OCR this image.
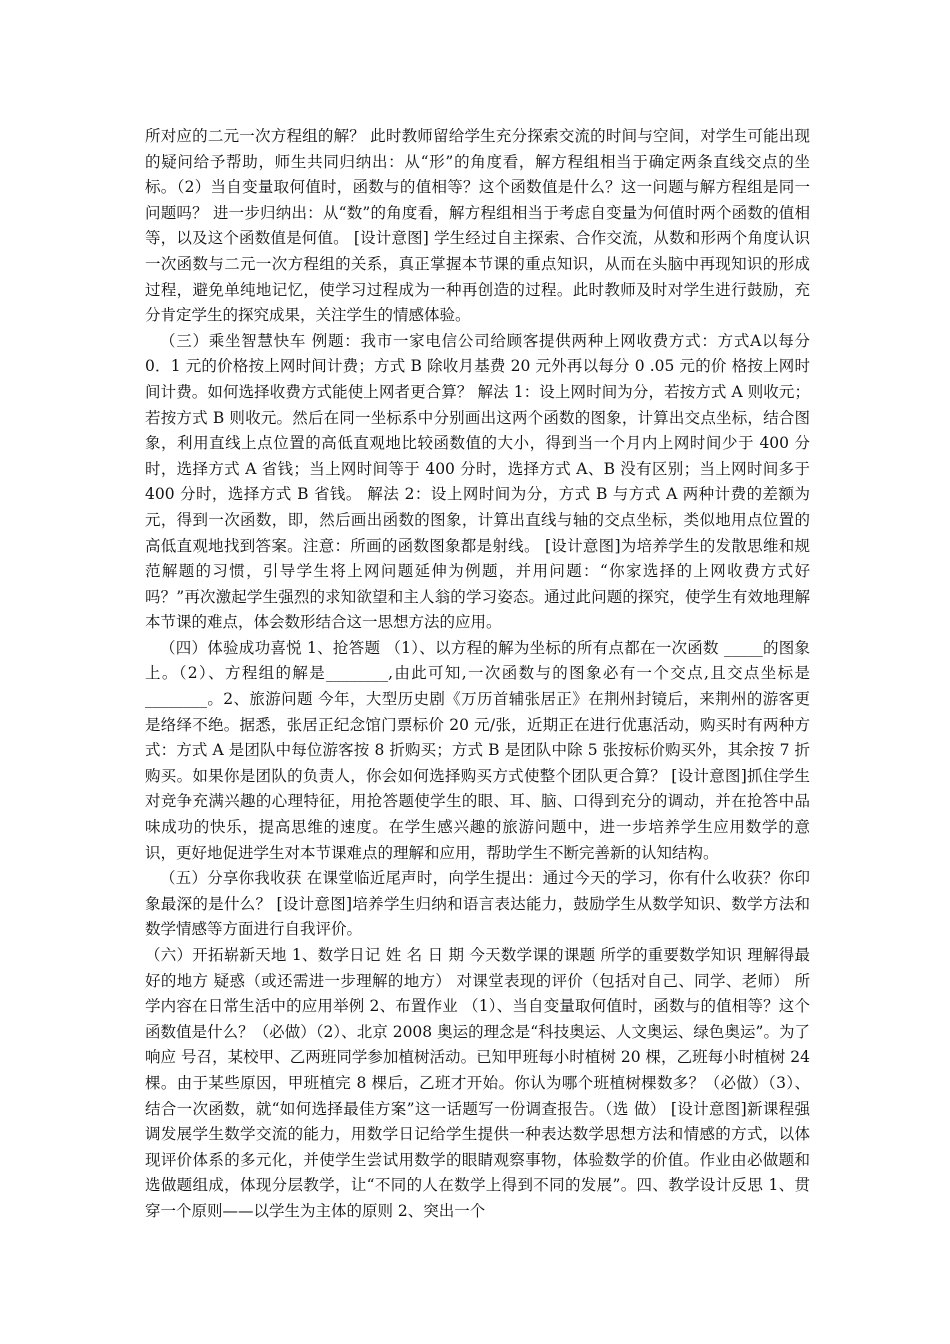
所对应的二元一次方程组的解？ 此时教师留给学生充分探索交流的时间与空间，对学生可能出现的疑问给予帮助，师生共同归纳出：从“形”的角度看，解方程组相当于确定两条直线交点的坐标。（2）当自变量取何值时，函数与的值相等？这个函数值是什么？这一问题与解方程组是同一问题吗？ 进一步归纳出：从“数”的角度看，解方程组相当于考虑自变量为何值时两个函数的值相等，以及这个函数值是何值。 [设计意图] 学生经过自主探索、合作交流，从数和形两个角度认识一次函数与二元一次方程组的关系，真正掌握本节课的重点知识，从而在头脑中再现知识的形成过程，避免单纯地记忆，使学习过程成为一种再创造的过程。此时教师及时对学生进行鼓励，充分肯定学生的探究成果，关注学生的情感体验。

（三）乘坐智慧快车 例题：我市一家电信公司给顾客提供两种上网收费方式：方式A以每分 0．1 元的价格按上网时间计费；方式 B 除收月基费 20 元外再以每分 0 .05 元的价 格按上网时间计费。如何选择收费方式能使上网者更合算？ 解法 1：设上网时间为分，若按方式 A 则收元；若按方式 B 则收元。然后在同一坐标系中分别画出这两个函数的图象，计算出交点坐标，结合图象，利用直线上点位置的高低直观地比较函数值的大小，得到当一个月内上网时间少于 400 分时，选择方式 A 省钱；当上网时间等于 400 分时，选择方式 A、B 没有区别；当上网时间多于 400 分时，选择方式 B 省钱。 解法 2：设上网时间为分，方式 B 与方式 A 两种计费的差额为元，得到一次函数，即，然后画出函数的图象，计算出直线与轴的交点坐标，类似地用点位置的高低直观地找到答案。注意：所画的函数图象都是射线。 [设计意图]为培养学生的发散思维和规范解题的习惯，引导学生将上网问题延伸为例题，并用问题：“你家选择的上网收费方式好吗？”再次激起学生强烈的求知欲望和主人翁的学习姿态。通过此问题的探究，使学生有效地理解本节课的难点，体会数形结合这一思想方法的应用。

（四）体验成功喜悦 1、抢答题 （1）、以方程的解为坐标的所有点都在一次函数 _____的图象上。（2）、方程组的解是________,由此可知,一次函数与的图象必有一个交点,且交点坐标是________。2、旅游问题 今年，大型历史剧《万历首辅张居正》在荆州封镜后，来荆州的游客更是络绎不绝。据悉，张居正纪念馆门票标价 20 元/张，近期正在进行优惠活动，购买时有两种方式：方式 A 是团队中每位游客按 8 折购买；方式 B 是团队中除 5 张按标价购买外，其余按 7 折购买。如果你是团队的负责人，你会如何选择购买方式使整个团队更合算？ [设计意图]抓住学生对竞争充满兴趣的心理特征，用抢答题使学生的眼、耳、脑、口得到充分的调动，并在抢答中品味成功的快乐，提高思维的速度。在学生感兴趣的旅游问题中，进一步培养学生应用数学的意识，更好地促进学生对本节课难点的理解和应用，帮助学生不断完善新的认知结构。

（五）分享你我收获 在课堂临近尾声时，向学生提出：通过今天的学习，你有什么收获？你印象最深的是什么？ [设计意图]培养学生归纳和语言表达能力，鼓励学生从数学知识、数学方法和数学情感等方面进行自我评价。

（六）开拓崭新天地 1、数学日记 姓 名 日 期 今天数学课的课题 所学的重要数学知识 理解得最好的地方 疑惑（或还需进一步理解的地方） 对课堂表现的评价（包括对自己、同学、老师） 所学内容在日常生活中的应用举例 2、布置作业 （1）、当自变量取何值时，函数与的值相等？这个函数值是什么？（必做）（2）、北京 2008 奥运的理念是“科技奥运、人文奥运、绿色奥运”。为了响应 号召，某校甲、乙两班同学参加植树活动。已知甲班每小时植树 20 棵，乙班每小时植树 24 棵。由于某些原因，甲班植完 8 棵后，乙班才开始。你认为哪个班植树棵数多？（必做）（3）、结合一次函数，就“如何选择最佳方案”这一话题写一份调查报告。（选 做） [设计意图]新课程强调发展学生数学交流的能力，用数学日记给学生提供一种表达数学思想方法和情感的方式，以体现评价体系的多元化，并使学生尝试用数学的眼睛观察事物，体验数学的价值。作业由必做题和选做题组成，体现分层教学，让“不同的人在数学上得到不同的发展”。四、教学设计反思 1、贯穿一个原则——以学生为主体的原则 2、突出一个
